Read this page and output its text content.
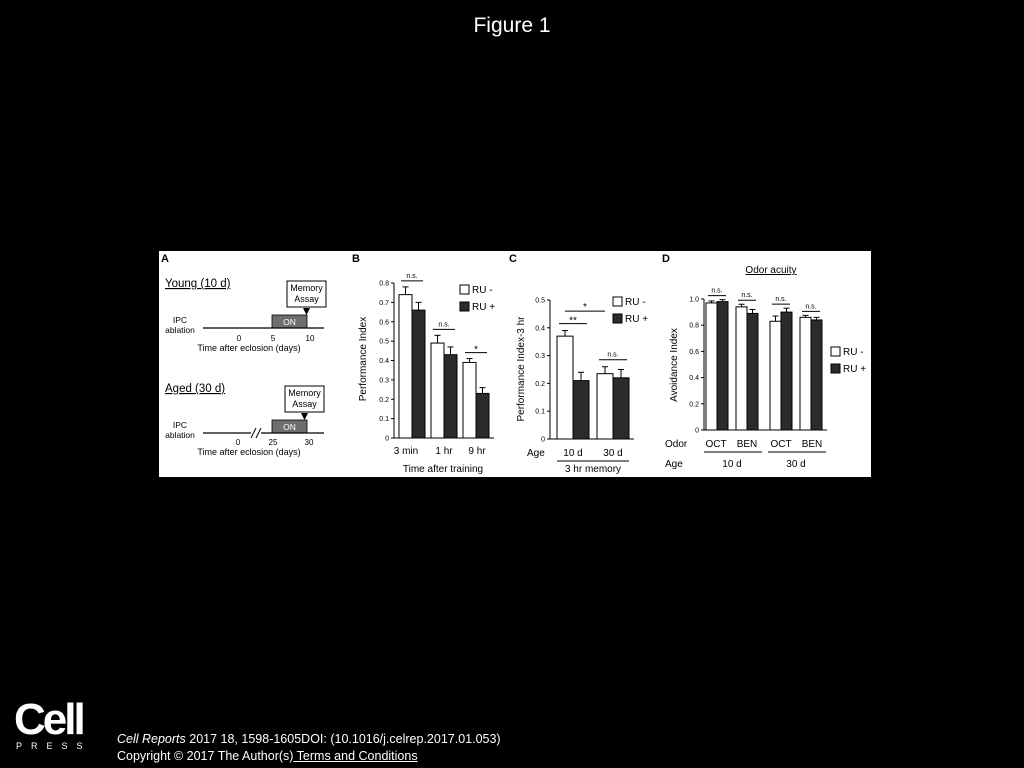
Figure 1
A
Young (10 d)	Memory
Assay
ON
IPC
ablation
0	5	10
Time after eclosion (days)
Aged (30 d)	Memory
Assay
ON
IPC
ablation
0	25	30
Time after eclosion (days)
B
Performance Index
0
0.1
0.2
0.3
0.4
0.5
0.6
0.7
0.8
n.s.
n.s.
*
3 min 1 hr 9 hr
Time after training
RU -
RU +
C
Performance Index-3 hr
0
0.1
0.2
0.3
0.4
0.5
**
n.s.
*
Age 10 d 30 d
3 hr memory
RU -
RU +
D
Odor acuity
Avoidance Index
0
0.2
0.4
0.6
0.8
1.0
n.s.
n.s.
n.s.
n.s.
Odor OCT BEN OCT BEN
Age	10 d	30 d
RU -
RU +
Cell
PRESS Cell Reports 2017 18, 1598-1605DOI: (10.1016/j.celrep.2017.01.053)
Copyright © 2017 The Author(s) Terms and Conditions
